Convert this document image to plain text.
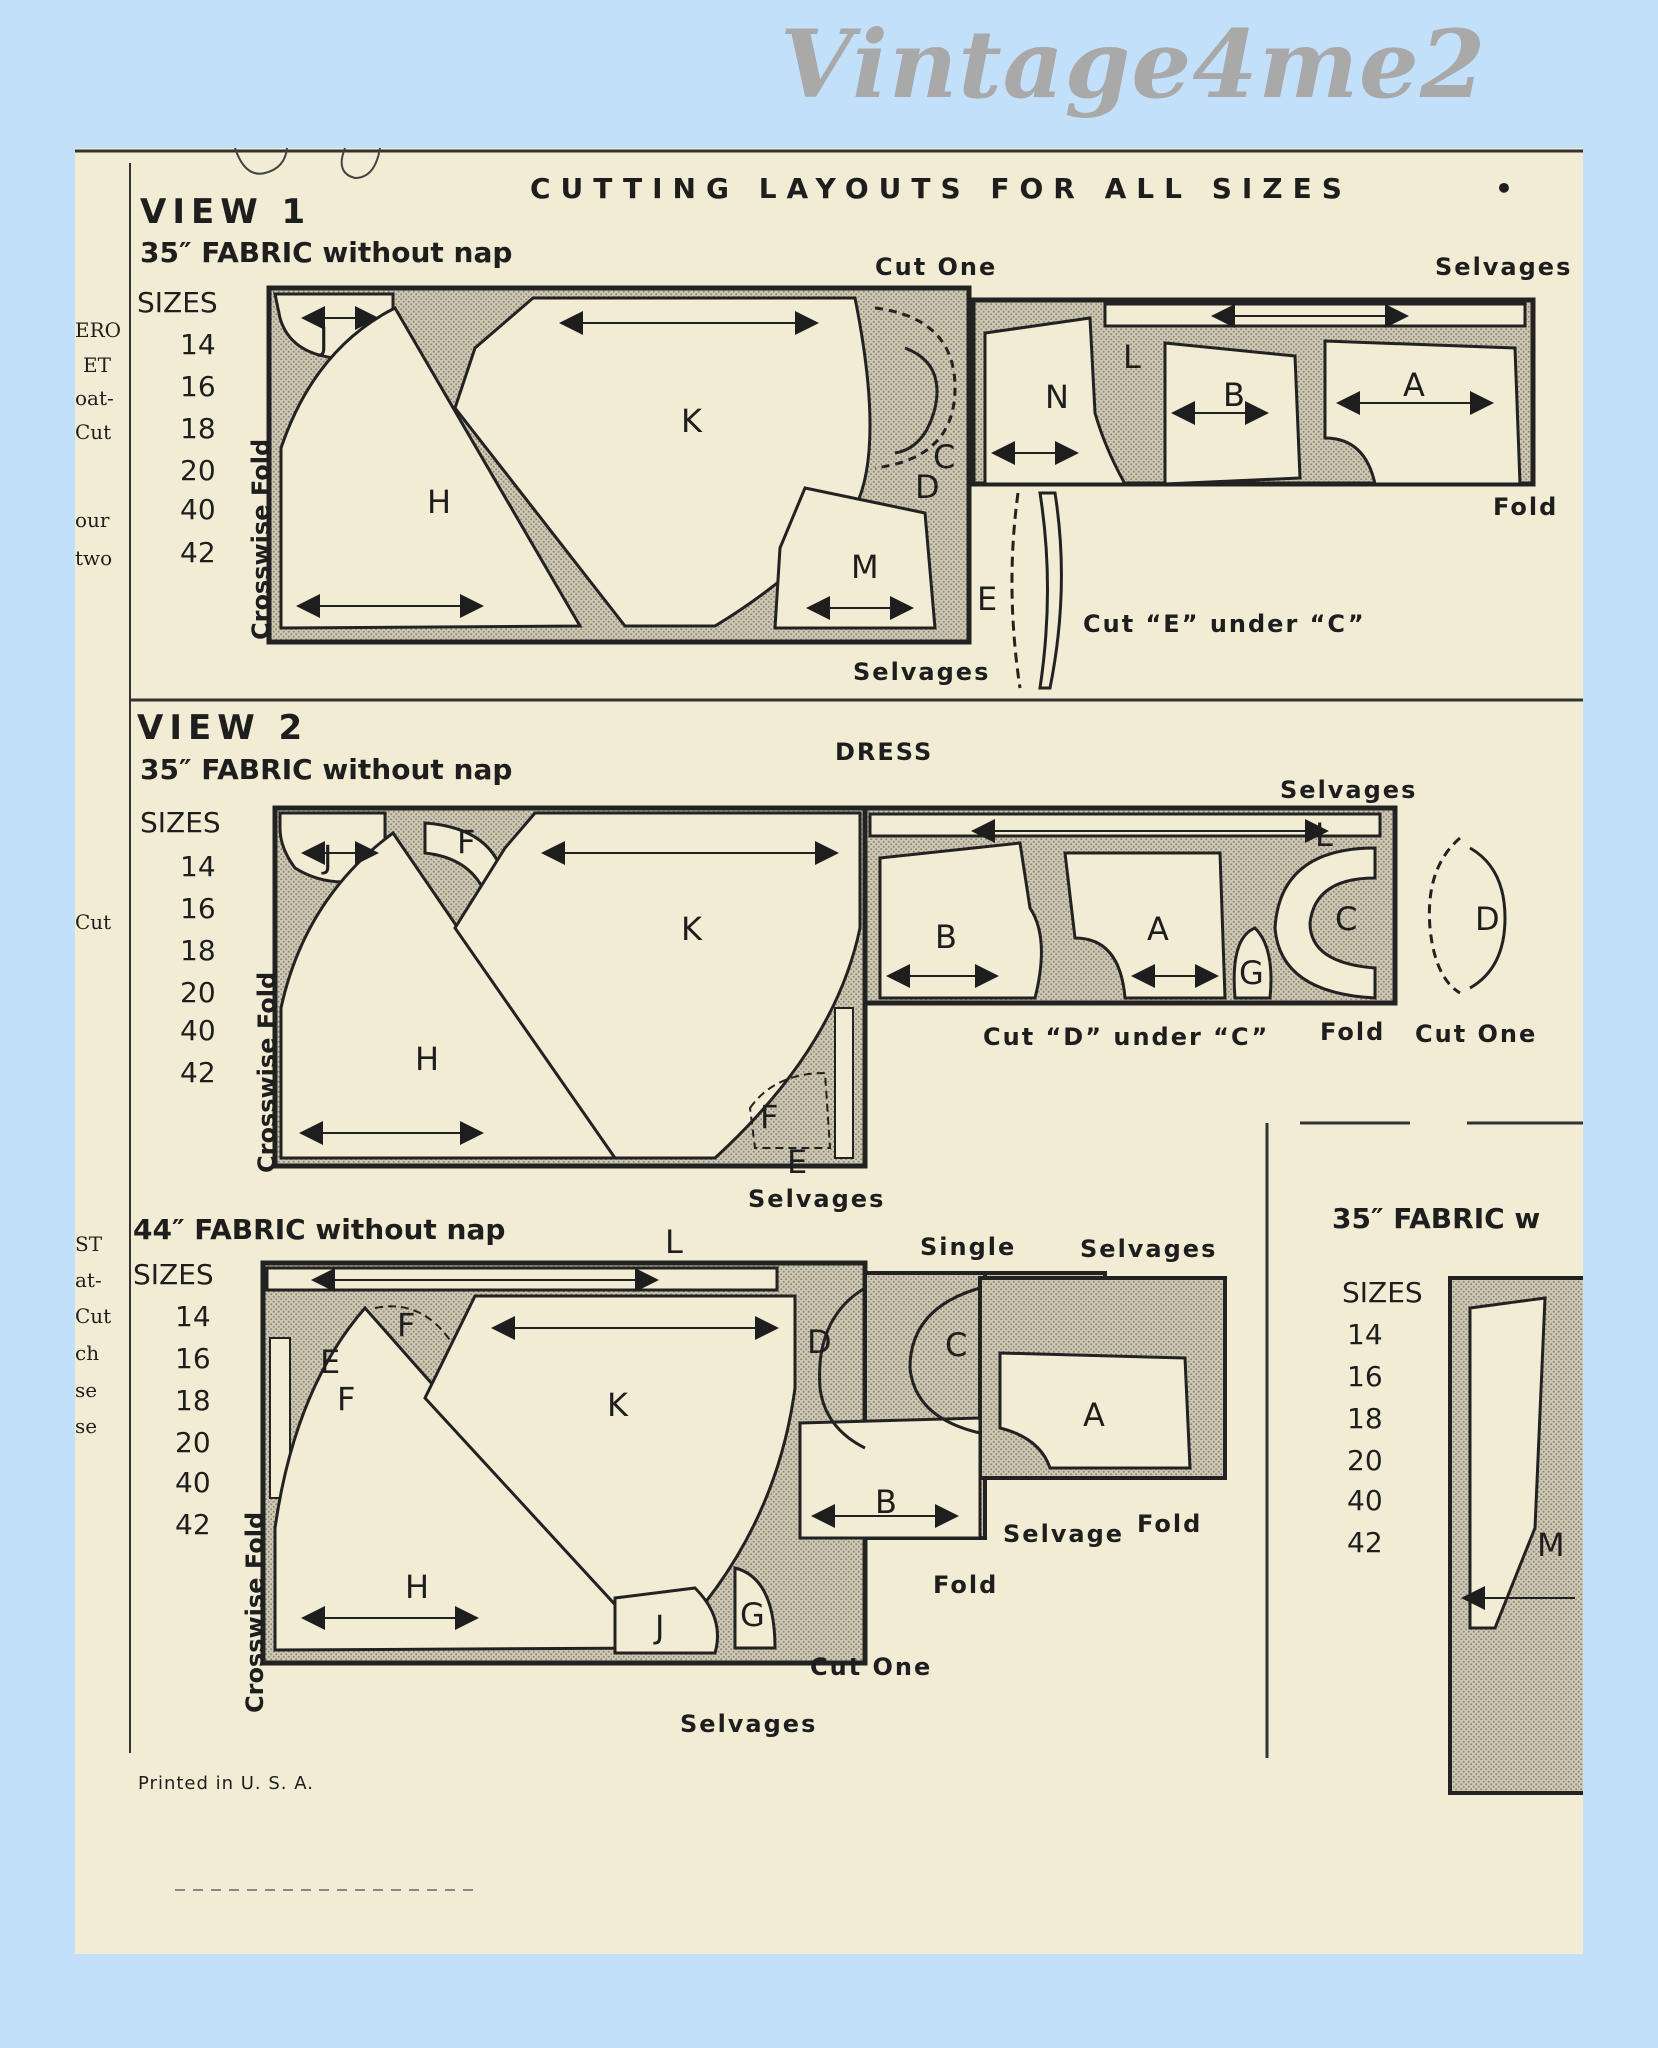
Vintage4me2
CUTTING LAYOUTS FOR ALL SIZES	•
ERO
ET
oat-
Cut
our
two
Cut
ST
at-
Cut
ch
se
se
VIEW 1
35″ FABRIC without nap
SIZES
14
16
18
20
40
42 Crosswise Fold
J
H
K
M
C
D
N
L
B	A
E
Cut One	Selvages
Selvages
Fold
Cut “E” under “C”
VIEW 2
35″ FABRIC without nap
DRESS
SIZES
14
16
18
20
40
42 Crosswise Fold
J	F
K
H
F
E
L
B	A	C	D
G
Selvages
Selvages
Cut “D” under “C” Fold Cut One
44″ FABRIC without nap
SIZES
14
16
18
20
40
42 Crosswise Fold
L
E
F
F	K
H
J G
D	C
B
A
Single	Selvages
Selvage Fold
Fold
Cut One
Selvages
35″ FABRIC w
SIZES
14
16
18
20
40
42	M
Printed in U. S. A.
